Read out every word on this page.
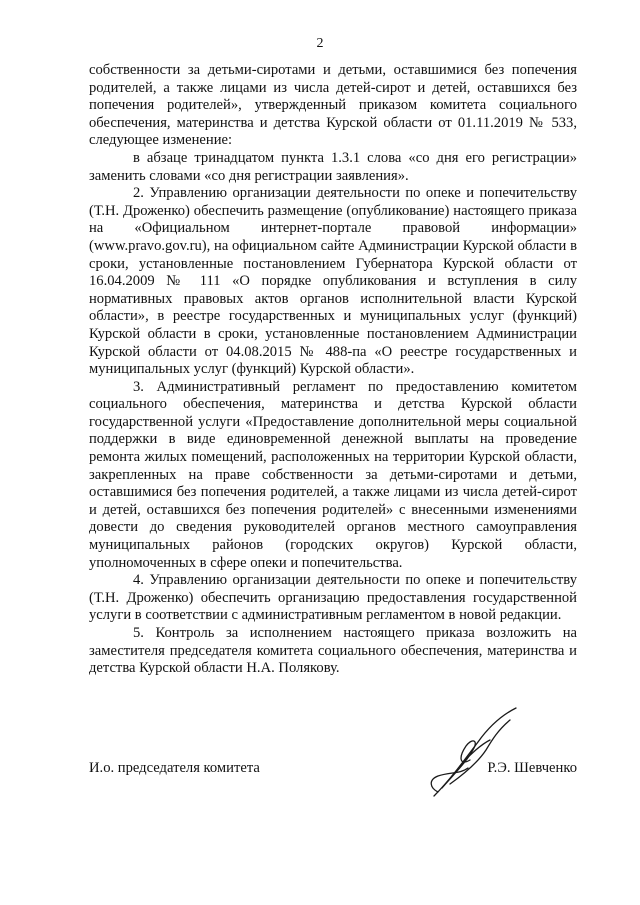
2

собственности за детьми-сиротами и детьми, оставшимися без попечения родителей, а также лицами из числа детей-сирот и детей, оставшихся без попечения родителей», утвержденный приказом комитета социального обеспечения, материнства и детства Курской области от 01.11.2019 № 533, следующее изменение:

в абзаце тринадцатом пункта 1.3.1 слова «со дня его регистрации» заменить словами «со дня регистрации заявления».

2. Управлению организации деятельности по опеке и попечительству (Т.Н. Дроженко) обеспечить размещение (опубликование) настоящего приказа на «Официальном интернет-портале правовой информации» (www.pravo.gov.ru), на официальном сайте Администрации Курской области в сроки, установленные постановлением Губернатора Курской области от 16.04.2009 № 111 «О порядке опубликования и вступления в силу нормативных правовых актов органов исполнительной власти Курской области», в реестре государственных и муниципальных услуг (функций) Курской области в сроки, установленные постановлением Администрации Курской области от 04.08.2015 № 488-па «О реестре государственных и муниципальных услуг (функций) Курской области».

3. Административный регламент по предоставлению комитетом социального обеспечения, материнства и детства Курской области государственной услуги «Предоставление дополнительной меры социальной поддержки в виде единовременной денежной выплаты на проведение ремонта жилых помещений, расположенных на территории Курской области, закрепленных на праве собственности за детьми-сиротами и детьми, оставшимися без попечения родителей, а также лицами из числа детей-сирот и детей, оставшихся без попечения родителей» с внесенными изменениями довести до сведения руководителей органов местного самоуправления муниципальных районов (городских округов) Курской области, уполномоченных в сфере опеки и попечительства.

4. Управлению организации деятельности по опеке и попечительству (Т.Н. Дроженко) обеспечить организацию предоставления государственной услуги в соответствии с административным регламентом в новой редакции.

5. Контроль за исполнением настоящего приказа возложить на заместителя председателя комитета социального обеспечения, материнства и детства Курской области Н.А. Полякову.

И.о. председателя комитета	Р.Э. Шевченко
